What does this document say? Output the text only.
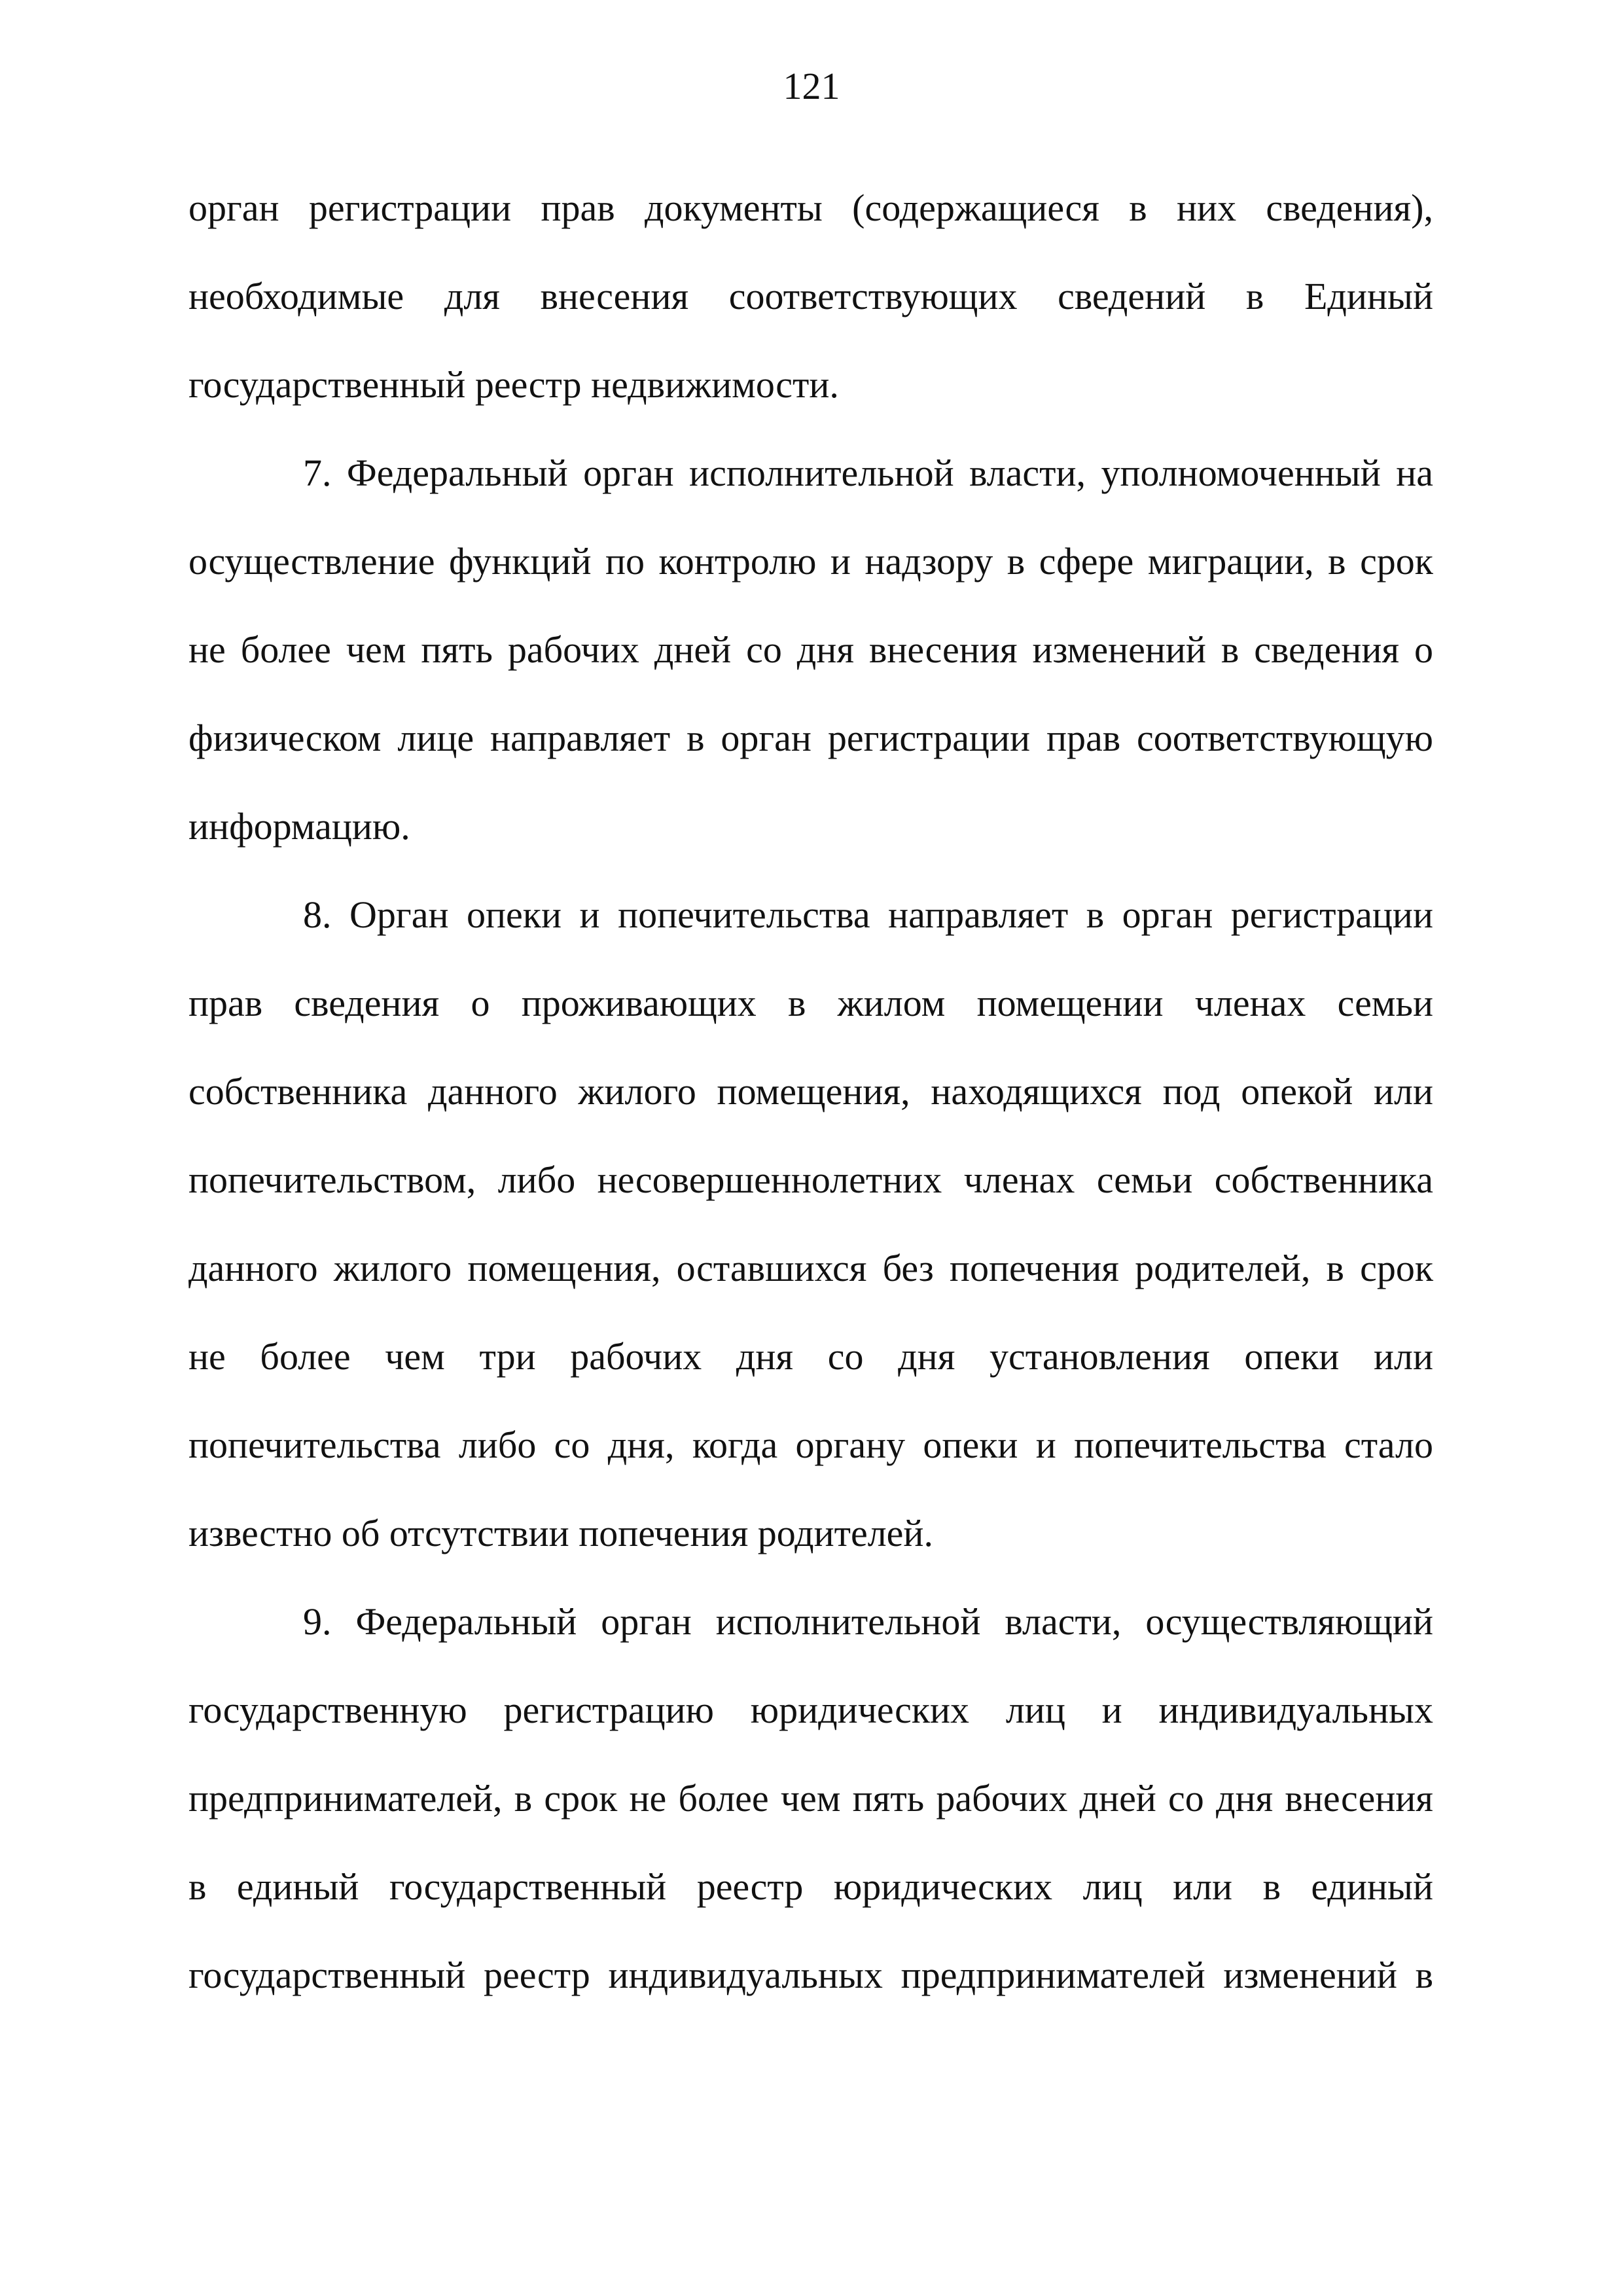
121
орган регистрации прав документы (содержащиеся в них сведения),
необходимые для внесения соответствующих сведений в Единый
государственный реестр недвижимости.
7. Федеральный орган исполнительной власти, уполномоченный на
осуществление функций по контролю и надзору в сфере миграции, в срок
не более чем пять рабочих дней со дня внесения изменений в сведения о
физическом лице направляет в орган регистрации прав соответствующую
информацию.
8. Орган опеки и попечительства направляет в орган регистрации
прав сведения о проживающих в жилом помещении членах семьи
собственника данного жилого помещения, находящихся под опекой или
попечительством, либо несовершеннолетних членах семьи собственника
данного жилого помещения, оставшихся без попечения родителей, в срок
не более чем три рабочих дня со дня установления опеки или
попечительства либо со дня, когда органу опеки и попечительства стало
известно об отсутствии попечения родителей.
9. Федеральный орган исполнительной власти, осуществляющий
государственную регистрацию юридических лиц и индивидуальных
предпринимателей, в срок не более чем пять рабочих дней со дня внесения
в единый государственный реестр юридических лиц или в единый
государственный реестр индивидуальных предпринимателей изменений в
